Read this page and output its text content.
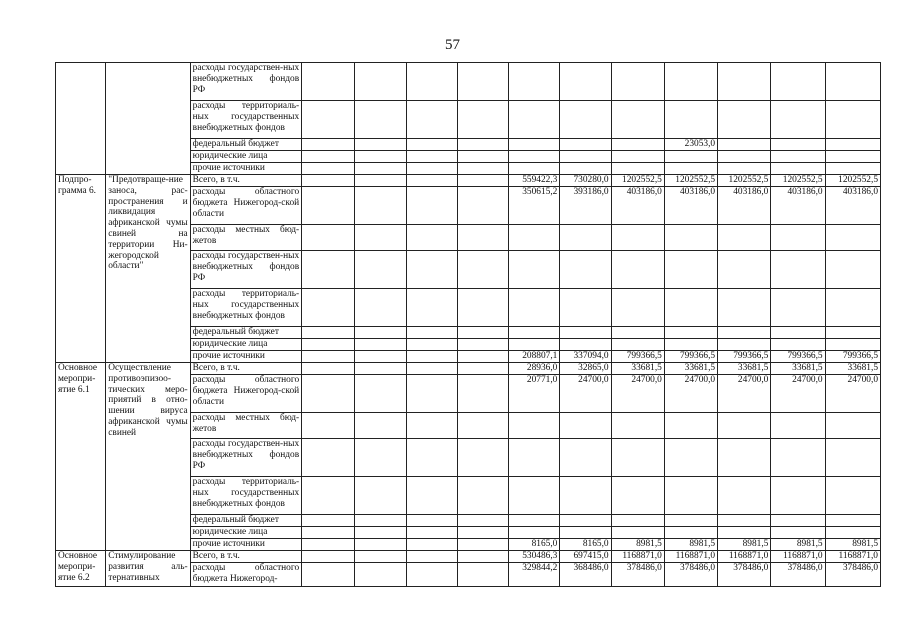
57
		расходы государствен-ных внебюджетных фондов РФ											
		расходы территориаль-ных государственных внебюджетных фондов											
		федеральный бюджет								23053,0			
		юридические лица											
		прочие источники											
Подпро-грамма 6.	"Предотвраще-ние заноса, рас-пространения и ликвидация африканской чумы свиней на территории Ни-жегородской области"	Всего, в т.ч.					559422,3	730280,0	1202552,5	1202552,5	1202552,5	1202552,5	1202552,5
		расходы областного бюджета Нижегород-ской области					350615,2	393186,0	403186,0	403186,0	403186,0	403186,0	403186,0
		расходы местных бюд-жетов											
		расходы государствен-ных внебюджетных фондов РФ											
		расходы территориаль-ных государственных внебюджетных фондов											
		федеральный бюджет											
		юридические лица											
		прочие источники					208807,1	337094,0	799366,5	799366,5	799366,5	799366,5	799366,5
Основное меропри-ятие 6.1	Осуществление противоэпизоо-тических меро-приятий в отно-шении вируса африканской чумы свиней	Всего, в т.ч.					28936,0	32865,0	33681,5	33681,5	33681,5	33681,5	33681,5
		расходы областного бюджета Нижегород-ской области					20771,0	24700,0	24700,0	24700,0	24700,0	24700,0	24700,0
		расходы местных бюд-жетов											
		расходы государствен-ных внебюджетных фондов РФ											
		расходы территориаль-ных государственных внебюджетных фондов											
		федеральный бюджет											
		юридические лица											
		прочие источники					8165,0	8165,0	8981,5	8981,5	8981,5	8981,5	8981,5
Основное меропри-ятие 6.2	Стимулирование развития аль-тернативных	Всего, в т.ч.					530486,3	697415,0	1168871,0	1168871,0	1168871,0	1168871,0	1168871,0
		расходы областного бюджета Нижегород-					329844,2	368486,0	378486,0	378486,0	378486,0	378486,0	378486,0
